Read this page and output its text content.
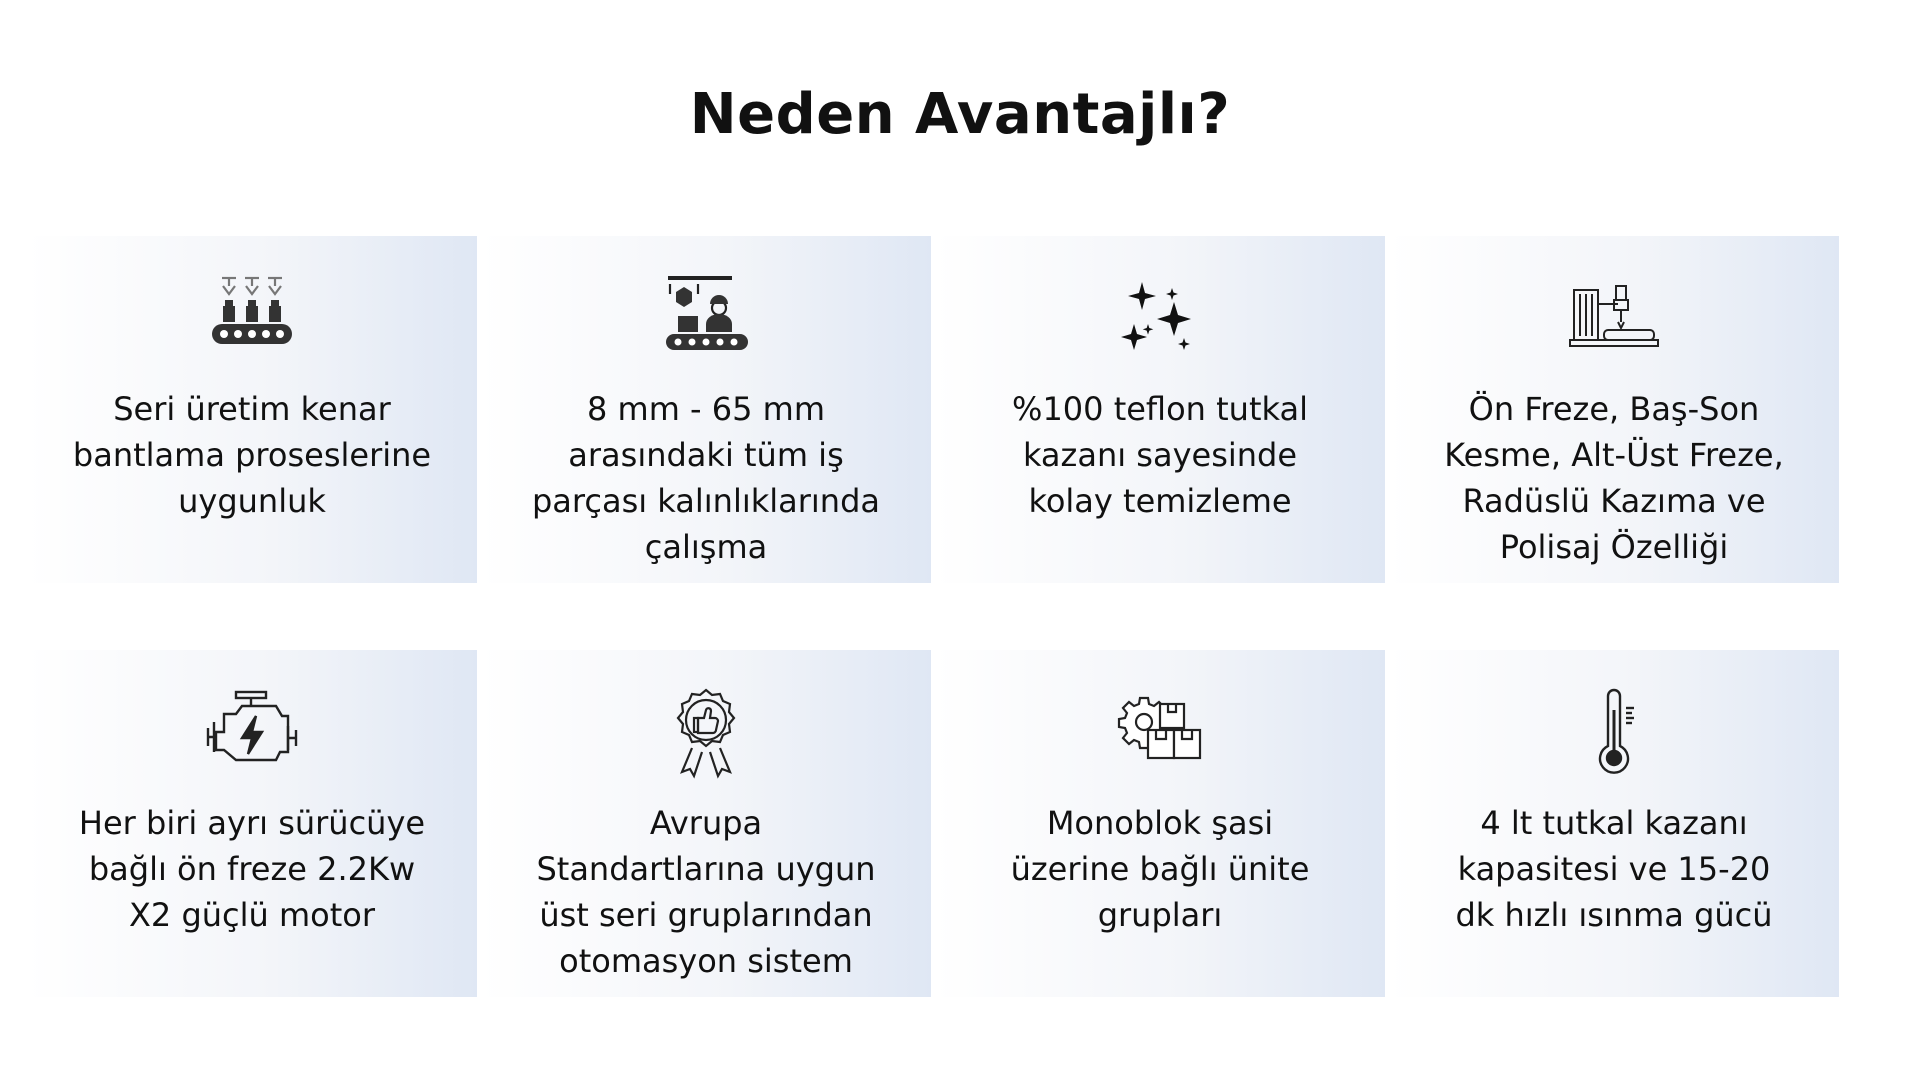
Neden Avantajlı?
Seri üretim kenar
bantlama proseslerine
uygunluk
8 mm - 65 mm
arasındaki tüm iş
parçası kalınlıklarında
çalışma
%100 teflon tutkal
kazanı sayesinde
kolay temizleme
Ön Freze, Baş-Son
Kesme, Alt-Üst Freze,
Radüslü Kazıma ve
Polisaj Özelliği
Her biri ayrı sürücüye
bağlı ön freze 2.2Kw
X2 güçlü motor
Avrupa
Standartlarına uygun
üst seri gruplarından
otomasyon sistem
Monoblok şasi
üzerine bağlı ünite
grupları
4 lt tutkal kazanı
kapasitesi ve 15-20
dk hızlı ısınma gücü
